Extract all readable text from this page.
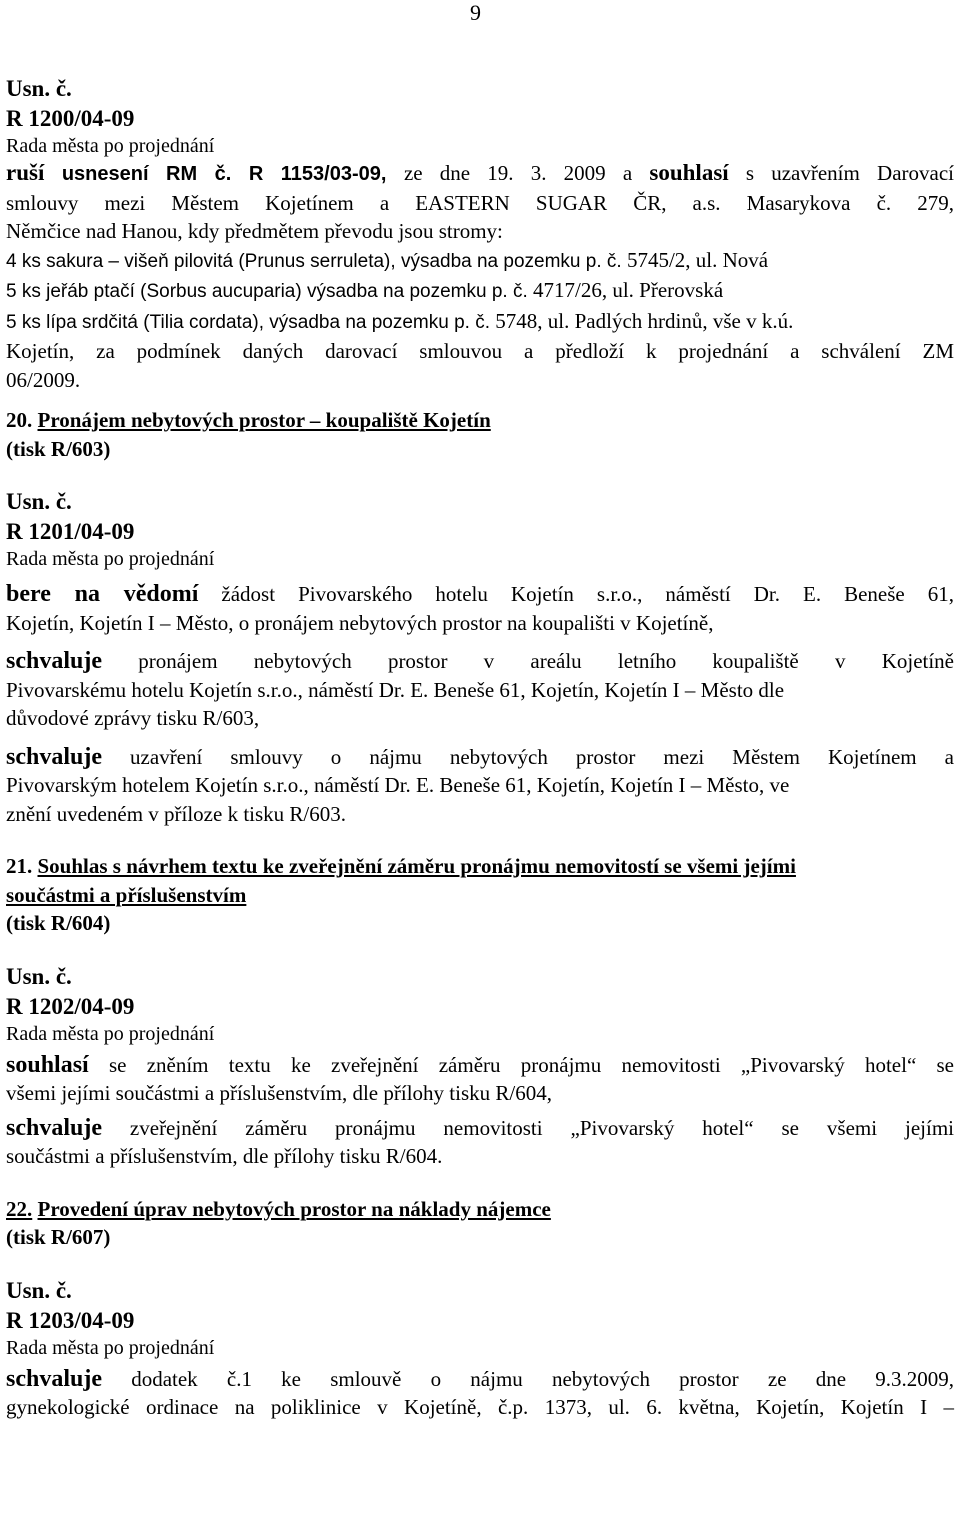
9
Usn. č.
R 1200/04-09
Rada města po projednání
ruší usnesení RM č. R 1153/03-09, ze dne 19. 3. 2009 a souhlasí s uzavřením Darovací
smlouvy mezi Městem Kojetínem a EASTERN SUGAR ČR, a.s. Masarykova č. 279,
Němčice nad Hanou, kdy předmětem převodu jsou stromy:
4 ks sakura – višeň pilovitá (Prunus serruleta), výsadba na pozemku p. č. 5745/2, ul. Nová
5 ks jeřáb ptačí (Sorbus aucuparia) výsadba na pozemku p. č. 4717/26, ul. Přerovská
5 ks lípa srdčitá (Tilia cordata), výsadba na pozemku p. č. 5748, ul. Padlých hrdinů, vše v k.ú.
Kojetín, za podmínek daných darovací smlouvou a předloží k projednání a schválení ZM
06/2009.
20. Pronájem nebytových prostor – koupaliště Kojetín
(tisk R/603)
Usn. č.
R 1201/04-09
Rada města po projednání
bere na vědomí žádost Pivovarského hotelu Kojetín s.r.o., náměstí Dr. E. Beneše 61,
Kojetín, Kojetín I – Město, o pronájem nebytových prostor na koupališti v Kojetíně,
schvaluje pronájem nebytových prostor v areálu letního koupaliště v Kojetíně
Pivovarskému hotelu Kojetín s.r.o., náměstí Dr. E. Beneše 61, Kojetín, Kojetín I – Město dle
důvodové zprávy tisku R/603,
schvaluje uzavření smlouvy o nájmu nebytových prostor mezi Městem Kojetínem a
Pivovarským hotelem Kojetín s.r.o., náměstí Dr. E. Beneše 61, Kojetín, Kojetín I – Město, ve
znění uvedeném v příloze k tisku R/603.
21. Souhlas s návrhem textu ke zveřejnění záměru pronájmu nemovitostí se všemi jejími
součástmi a příslušenstvím
(tisk R/604)
Usn. č.
R 1202/04-09
Rada města po projednání
souhlasí se zněním textu ke zveřejnění záměru pronájmu nemovitosti „Pivovarský hotel“ se
všemi jejími součástmi a příslušenstvím, dle přílohy tisku R/604,
schvaluje zveřejnění záměru pronájmu nemovitosti „Pivovarský hotel“ se všemi jejími
součástmi a příslušenstvím, dle přílohy tisku R/604.
22. Provedení úprav nebytových prostor na náklady nájemce
(tisk R/607)
Usn. č.
R 1203/04-09
Rada města po projednání
schvaluje dodatek č.1 ke smlouvě o nájmu nebytových prostor ze dne 9.3.2009,
gynekologické ordinace na poliklinice v Kojetíně, č.p. 1373, ul. 6. května, Kojetín, Kojetín I –
